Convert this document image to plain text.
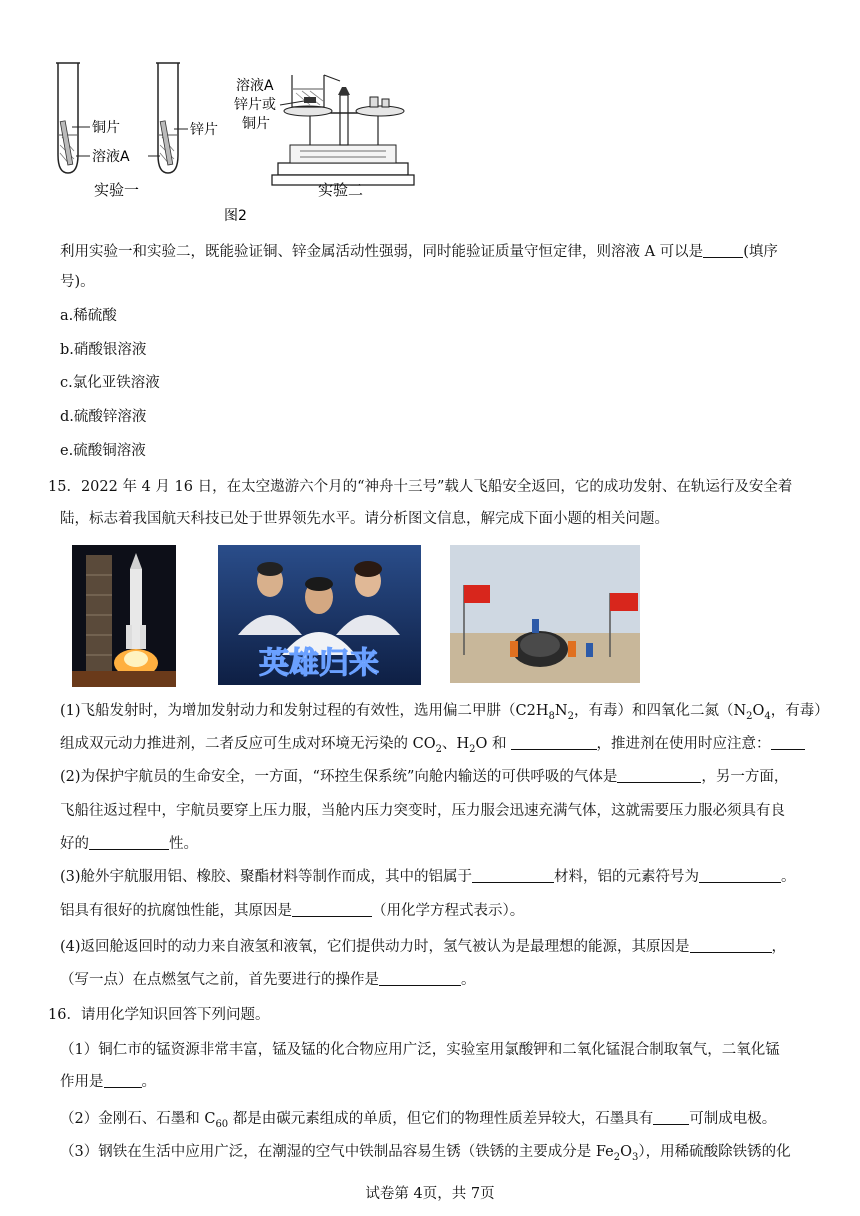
铜片
溶液A
实验一
锌片
溶液A
锌片或
铜片
实验二
图2
利用实验一和实验二，既能验证铜、锌金属活动性强弱，同时能验证质量守恒定律，则溶液 A 可以是	(填序
号)。
a.稀硫酸
b.硝酸银溶液
c.氯化亚铁溶液
d.硫酸锌溶液
e.硫酸铜溶液
15．2022 年 4 月 16 日，在太空遨游六个月的“神舟十三号”载人飞船安全返回，它的成功发射、在轨运行及安全着
陆，标志着我国航天科技已处于世界领先水平。请分析图文信息，解完成下面小题的相关问题。
英雄归来
(1)飞船发射时，为增加发射动力和发射过程的有效性，选用偏二甲肼（$C2H_8N_2$，有毒）和四氧化二氮（$N_2O_4$，有毒）
组成双元动力推进剂，二者反应可生成对环境无污染的 $CO_2$、$H_2O$ 和	，推进剂在使用时应注意：
(2)为保护宇航员的生命安全，一方面，“环控生保系统”向舱内输送的可供呼吸的气体是	，另一方面，
飞船往返过程中，宇航员要穿上压力服，当舱内压力突变时，压力服会迅速充满气体，这就需要压力服必须具有良
好的	性。
(3)舱外宇航服用铝、橡胶、聚酯材料等制作而成，其中的铝属于	材料，铝的元素符号为	。
铝具有很好的抗腐蚀性能，其原因是	（用化学方程式表示）。
(4)返回舱返回时的动力来自液氢和液氧，它们提供动力时，氢气被认为是最理想的能源，其原因是	，
（写一点）在点燃氢气之前，首先要进行的操作是	。
16．请用化学知识回答下列问题。
（1）铜仁市的锰资源非常丰富，锰及锰的化合物应用广泛，实验室用氯酸钾和二氧化锰混合制取氧气，二氧化锰
作用是	。
（2）金刚石、石墨和 $C_{60}$ 都是由碳元素组成的单质，但它们的物理性质差异较大，石墨具有 可制成电极。
（3）钢铁在生活中应用广泛，在潮湿的空气中铁制品容易生锈（铁锈的主要成分是 $Fe_2O_3$），用稀硫酸除铁锈的化
试卷第 4页，共 7页
